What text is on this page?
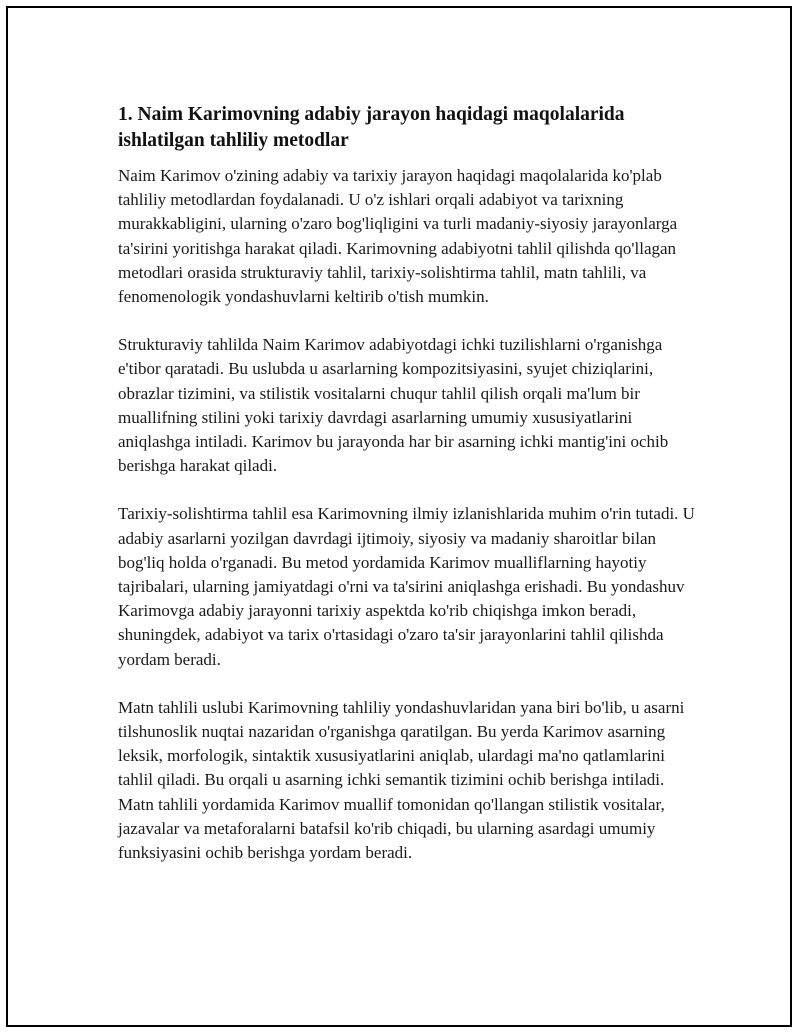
1. Naim Karimovning adabiy jarayon haqidagi maqolalarida ishlatilgan tahliliy metodlar

Naim Karimov o'zining adabiy va tarixiy jarayon haqidagi maqolalarida ko'plab tahliliy metodlardan foydalanadi. U o'z ishlari orqali adabiyot va tarixning murakkabligini, ularning o'zaro bog'liqligini va turli madaniy-siyosiy jarayonlarga ta'sirini yoritishga harakat qiladi. Karimovning adabiyotni tahlil qilishda qo'llagan metodlari orasida strukturaviy tahlil, tarixiy-solishtirma tahlil, matn tahlili, va fenomenologik yondashuvlarni keltirib o'tish mumkin.

Strukturaviy tahlilda Naim Karimov adabiyotdagi ichki tuzilishlarni o'rganishga e'tibor qaratadi. Bu uslubda u asarlarning kompozitsiyasini, syujet chiziqlarini, obrazlar tizimini, va stilistik vositalarni chuqur tahlil qilish orqali ma'lum bir muallifning stilini yoki tarixiy davrdagi asarlarning umumiy xususiyatlarini aniqlashga intiladi. Karimov bu jarayonda har bir asarning ichki mantig'ini ochib berishga harakat qiladi.

Tarixiy-solishtirma tahlil esa Karimovning ilmiy izlanishlarida muhim o'rin tutadi. U adabiy asarlarni yozilgan davrdagi ijtimoiy, siyosiy va madaniy sharoitlar bilan bog'liq holda o'rganadi. Bu metod yordamida Karimov mualliflarning hayotiy tajribalari, ularning jamiyatdagi o'rni va ta'sirini aniqlashga erishadi. Bu yondashuv Karimovga adabiy jarayonni tarixiy aspektda ko'rib chiqishga imkon beradi, shuningdek, adabiyot va tarix o'rtasidagi o'zaro ta'sir jarayonlarini tahlil qilishda yordam beradi.

Matn tahlili uslubi Karimovning tahliliy yondashuvlaridan yana biri bo'lib, u asarni tilshunoslik nuqtai nazaridan o'rganishga qaratilgan. Bu yerda Karimov asarning leksik, morfologik, sintaktik xususiyatlarini aniqlab, ulardagi ma'no qatlamlarini tahlil qiladi. Bu orqali u asarning ichki semantik tizimini ochib berishga intiladi. Matn tahlili yordamida Karimov muallif tomonidan qo'llangan stilistik vositalar, jazavalar va metaforalarni batafsil ko'rib chiqadi, bu ularning asardagi umumiy funksiyasini ochib berishga yordam beradi.
